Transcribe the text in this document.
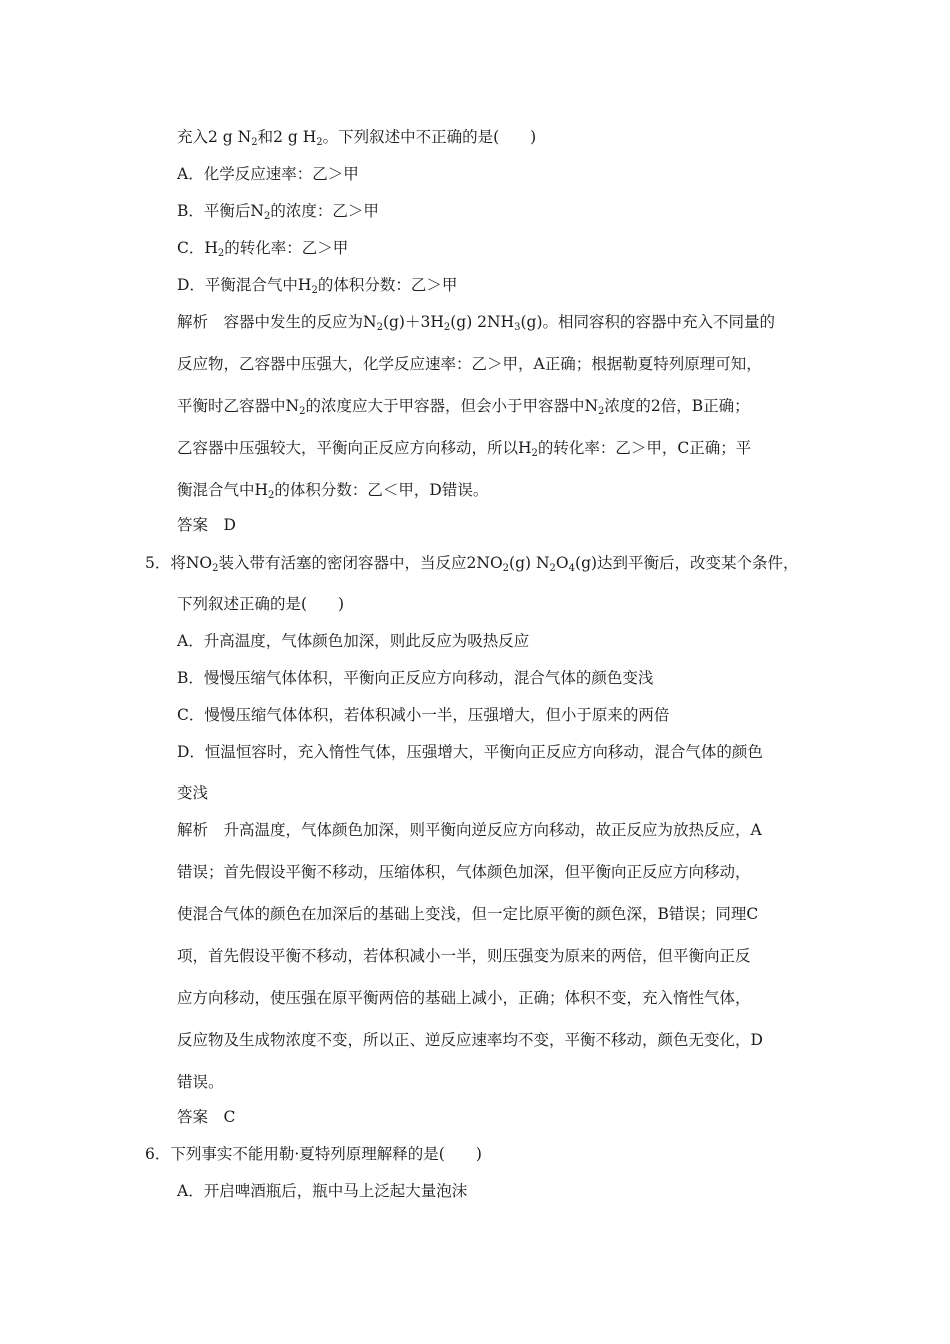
充入2 g $N_2$和2 g $H_2$。下列叙述中不正确的是(　　)
A．化学反应速率：乙＞甲
B．平衡后$N_2$的浓度：乙＞甲
C．$H_2$的转化率：乙＞甲
D．平衡混合气中$H_2$的体积分数：乙＞甲
解析　容器中发生的反应为$N_2(g)+3H_2(g)$ $2NH_3(g)$。相同容积的容器中充入不同量的
反应物，乙容器中压强大，化学反应速率：乙＞甲，A正确；根据勒夏特列原理可知，
平衡时乙容器中$N_2$的浓度应大于甲容器，但会小于甲容器中$N_2$浓度的2倍，B正确；
乙容器中压强较大，平衡向正反应方向移动，所以$H_2$的转化率：乙＞甲，C正确；平
衡混合气中$H_2$的体积分数：乙＜甲，D错误。
答案　D
5．将$NO_2$装入带有活塞的密闭容器中，当反应$2NO_2(g)$ $N_2O_4(g)$达到平衡后，改变某个条件，
下列叙述正确的是(　　)
A．升高温度，气体颜色加深，则此反应为吸热反应
B．慢慢压缩气体体积，平衡向正反应方向移动，混合气体的颜色变浅
C．慢慢压缩气体体积，若体积减小一半，压强增大，但小于原来的两倍
D．恒温恒容时，充入惰性气体，压强增大，平衡向正反应方向移动，混合气体的颜色
变浅
解析　升高温度，气体颜色加深，则平衡向逆反应方向移动，故正反应为放热反应，A
错误；首先假设平衡不移动，压缩体积，气体颜色加深，但平衡向正反应方向移动，
使混合气体的颜色在加深后的基础上变浅，但一定比原平衡的颜色深，B错误；同理C
项，首先假设平衡不移动，若体积减小一半，则压强变为原来的两倍，但平衡向正反
应方向移动，使压强在原平衡两倍的基础上减小，正确；体积不变，充入惰性气体，
反应物及生成物浓度不变，所以正、逆反应速率均不变，平衡不移动，颜色无变化，D
错误。
答案　C
6．下列事实不能用勒·夏特列原理解释的是(　　)
A．开启啤酒瓶后，瓶中马上泛起大量泡沫
